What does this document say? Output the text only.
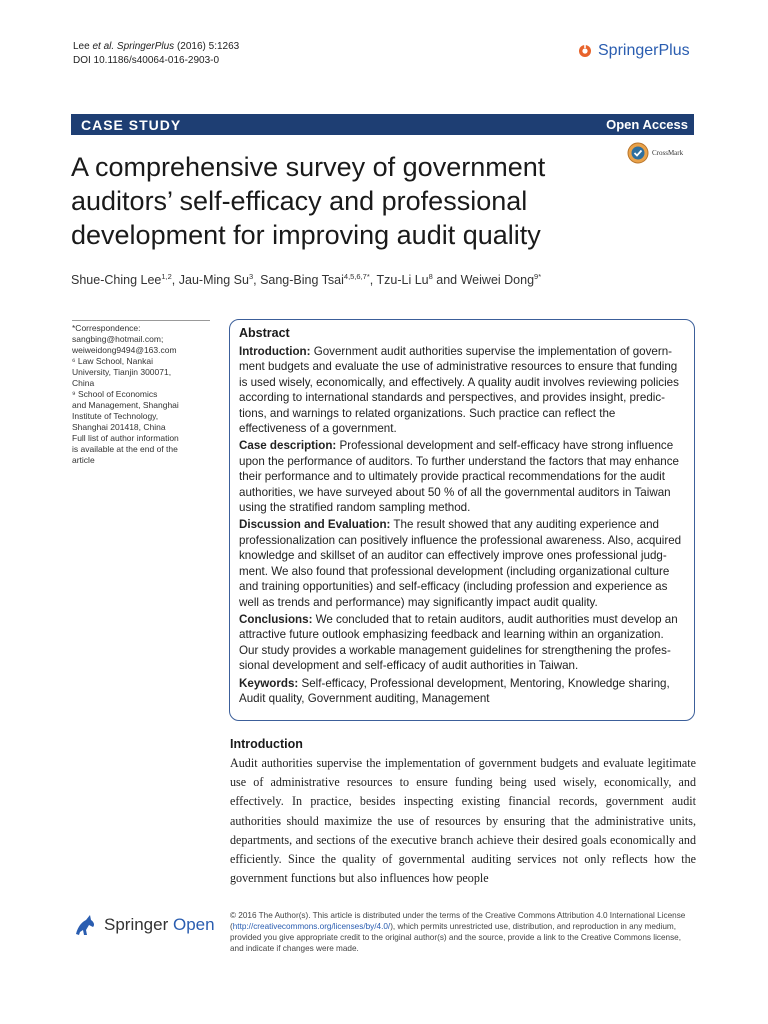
Lee et al. SpringerPlus (2016) 5:1263
DOI 10.1186/s40064-016-2903-0
SpringerPlus
CASE STUDY	Open Access
CrossMark
A comprehensive survey of government auditors’ self-efficacy and professional development for improving audit quality
Shue-Ching Lee$^{1,2}$, Jau-Ming Su$^3$, Sang-Bing Tsai$^{4,5,6,7*}$, Tzu-Li Lu$^8$ and Weiwei Dong$^{9*}$
*Correspondence:
sangbing@hotmail.com;
weiweidong9494@163.com
⁶ Law School, Nankai
University, Tianjin 300071,
China
⁹ School of Economics
and Management, Shanghai
Institute of Technology,
Shanghai 201418, China
Full list of author information
is available at the end of the
article
Abstract

Introduction: Government audit authorities supervise the implementation of government budgets and evaluate the use of administrative resources to ensure that funding is used wisely, economically, and effectively. A quality audit involves reviewing policies according to international standards and perspectives, and provides insight, predictions, and warnings to related organizations. Such practice can reflect the effectiveness of a government.

Case description: Professional development and self-efficacy have strong influence upon the performance of auditors. To further understand the factors that may enhance their performance and to ultimately provide practical recommendations for the audit authorities, we have surveyed about 50 % of all the governmental auditors in Taiwan using the stratified random sampling method.

Discussion and Evaluation: The result showed that any auditing experience and professionalization can positively influence the professional awareness. Also, acquired knowledge and skillset of an auditor can effectively improve ones professional judgment. We also found that professional development (including organizational culture and training opportunities) and self-efficacy (including profession and experience as well as trends and performance) may significantly impact audit quality.

Conclusions: We concluded that to retain auditors, audit authorities must develop an attractive future outlook emphasizing feedback and learning within an organization. Our study provides a workable management guidelines for strengthening the professional development and self-efficacy of audit authorities in Taiwan.

Keywords: Self-efficacy, Professional development, Mentoring, Knowledge sharing, Audit quality, Government auditing, Management

Introduction
Audit authorities supervise the implementation of government budgets and evaluate legitimate use of administrative resources to ensure funding being used wisely, economically, and effectively. In practice, besides inspecting existing financial records, government audit authorities should maximize the use of resources by ensuring that the administrative units, departments, and sections of the executive branch achieve their desired goals economically and efficiently. Since the quality of governmental auditing services not only reflects how the government functions but also influences how people
Springer Open © 2016 The Author(s). This article is distributed under the terms of the Creative Commons Attribution 4.0 International License (http://creativecommons.org/licenses/by/4.0/), which permits unrestricted use, distribution, and reproduction in any medium, provided you give appropriate credit to the original author(s) and the source, provide a link to the Creative Commons license, and indicate if changes were made.
